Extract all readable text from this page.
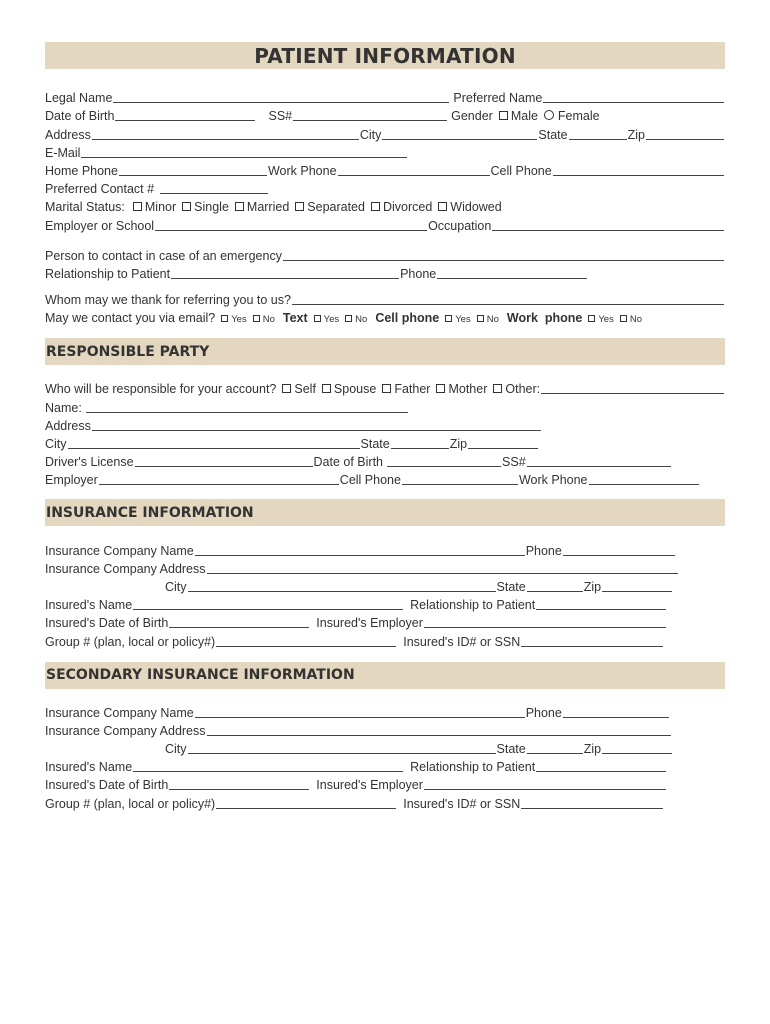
PATIENT INFORMATION
Legal Name	Preferred Name
Date of Birth	SS#	Gender Male Female
Address	City	State	Zip
E-Mail
Home Phone	Work Phone	Cell Phone
Preferred Contact #
Marital Status: Minor Single Married Separated Divorced Widowed
Employer or School	Occupation
Person to contact in case of an emergency
Relationship to Patient	Phone
Whom may we thank for referring you to us?
May we contact you via email? Yes No Text Yes No Cell phone Yes No Work  phone Yes No
RESPONSIBLE PARTY
Who will be responsible for your account? Self Spouse Father Mother Other:
Name:
Address
City	State	Zip
Driver's License	Date of Birth	SS#
Employer	Cell Phone	Work Phone
INSURANCE INFORMATION
Insurance Company Name	Phone
Insurance Company Address
City	State	Zip
Insured's Name	Relationship to Patient
Insured's Date of Birth	Insured's Employer
Group # (plan, local or policy#)	Insured's ID# or SSN
SECONDARY INSURANCE INFORMATION
Insurance Company Name	Phone
Insurance Company Address
City	State	Zip
Insured's Name	Relationship to Patient
Insured's Date of Birth	Insured's Employer
Group # (plan, local or policy#)	Insured's ID# or SSN
